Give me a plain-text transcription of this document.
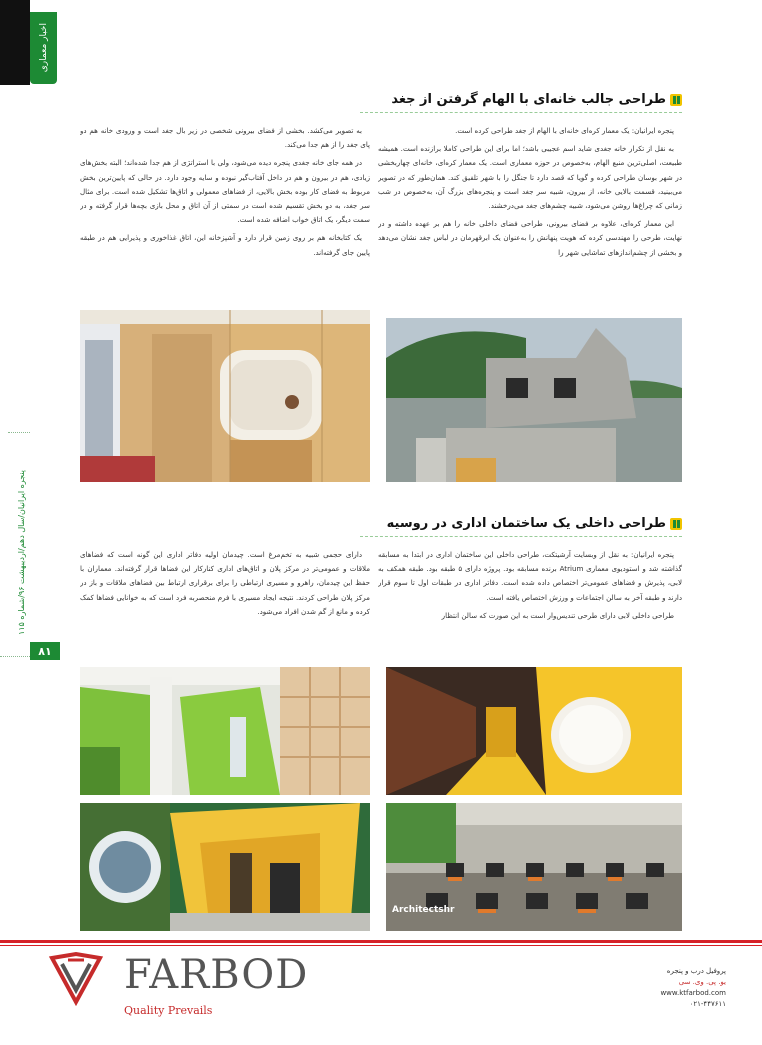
اخبار معماری
پنجره ایرانیان/سال دهم/اردیبهشت ۹۶/شماره ۱۱۵
۸۱
طراحی جالب خانه‌ای با الهام گرفتن از جغد

پنجره ایرانیان: یک معمار کره‌ای خانه‌ای با الهام از جغد طراحی کرده است.

به نقل از تکرار خانه جغدی شاید اسم عجیبی باشد؛ اما برای این طراحی کاملا برازنده است. همیشه طبیعت، اصلی‌ترین منبع الهام، به‌خصوص در حوزه معماری است. یک معمار کره‌ای، خانه‌ای چهاربخشی در شهر بوسان طراحی کرده و گویا که قصد دارد تا جنگل را با شهر تلفیق کند. همان‌طور که در تصویر می‌بینید، قسمت بالایی خانه، از بیرون، شبیه سر جغد است و پنجره‌های بزرگ آن، به‌خصوص در شب زمانی که چراغ‌ها روشن می‌شود، شبیه چشم‌های جغد می‌درخشند.

این معمار کره‌ای، علاوه بر فضای بیرونی، طراحی فضای داخلی خانه را هم بر عهده داشته و در نهایت، طرحی را مهندسی کرده که هویت پنهانش را به‌عنوان یک ابرقهرمان در لباس جغد نشان می‌دهد و بخشی از چشم‌اندازهای تماشایی شهر را

به تصویر می‌کشد. بخشی از فضای بیرونی شخصی در زیر بال جغد است و ورودی خانه هم دو پای جغد را از هم جدا می‌کند.

در همه جای خانه جغدی پنجره دیده می‌شود، ولی با استراتژی از هم جدا شده‌اند؛ البته بخش‌های زیادی، هم در بیرون و هم در داخل آفتاب‌گیر نبوده و سایه وجود دارد. در حالی که پایین‌ترین بخش مربوط به فضای کار بوده بخش بالایی، از فضاهای معمولی و اتاق‌ها تشکیل شده است. برای مثال سر جغد، به دو بخش تقسیم شده است در سمتی از آن اتاق و محل بازی بچه‌ها قرار گرفته و در سمت دیگر، یک اتاق خواب اضافه شده است.

یک کتابخانه هم بر روی زمین قرار دارد و آشپزخانه این، اتاق غذاخوری و پذیرایی هم در طبقه پایین جای گرفته‌اند.

طراحی داخلی یک ساختمان اداری در روسیه

پنجره ایرانیان: به نقل از وبسایت آرشیتکت، طراحی داخلی این ساختمان اداری در ابتدا به مسابقه گذاشته شد و استودیوی معماری Atrium برنده مسابقه بود. پروژه دارای ۵ طبقه بود. طبقه همکف به لابی، پذیرش و فضاهای عمومی‌تر اختصاص داده شده است. دفاتر اداری در طبقات اول تا سوم قرار دارند و طبقه آخر به سالن اجتماعات و ورزش اختصاص یافته است.

طراحی داخلی لابی دارای طرحی تندیس‌وار است به این صورت که سالن انتظار

دارای حجمی شبیه به تخم‌مرغ است. چیدمان اولیه دفاتر اداری این گونه است که فضاهای ملاقات و عمومی‌تر در مرکز پلان و اتاق‌های اداری کنارکار این فضاها قرار گرفته‌اند. معماران با حفظ این چیدمان، راهرو و مسیری ارتباطی را برای برقراری ارتباط بین فضاهای ملاقات و باز در مرکز پلان طراحی کردند. نتیجه ایجاد مسیری با فرم منحصربه فرد است که به خوانایی فضاها کمک کرده و مانع از گم شدن افراد می‌شود.

Architectshr
FARBOD
Quality Prevails
پروفیل درب و پنجره
یو. پی. وی. سی
www.ktfarbod.com
۰۲۱-۴۴۷۶۱۱
